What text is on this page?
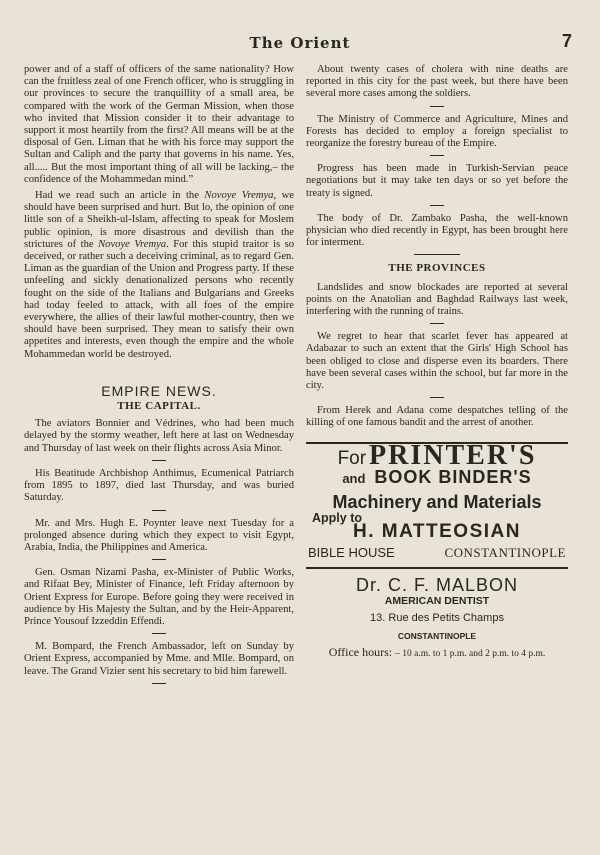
The Orient	7

power and of a staff of officers of the same nationality? How can the fruitless zeal of one French officer, who is struggling in our provinces to secure the tranquillity of a small area, be compared with the work of the German Mission, when those who invited that Mission consider it to their advantage to support it most heartily from the first? All means will be at the disposal of Gen. Liman that he with his force may support the Sultan and Caliph and the party that governs in his name. Yes, all..... But the most important thing of all will be lacking,– the confidence of the Mohammedan mind.”

Had we read such an article in the Novoye Vremya, we should have been surprised and hurt. But lo, the opinion of one little son of a Sheikh-ul-Islam, affecting to speak for Moslem public opinion, is more disastrous and devilish than the strictures of the Novoye Vremya. For this stupid traitor is so deceived, or rather such a deceiving criminal, as to regard Gen. Liman as the guardian of the Union and Progress party. If these unfeeling and sickly denationalized persons who recently fought on the side of the Italians and Bulgarians and Greeks had today feeled to attack, with all foes of the empire everywhere, the allies of their lawful mother-country, then we should have been surprised. They mean to satisfy their own appetites and interests, even though the empire and the whole Mohammedan world be destroyed.

EMPIRE NEWS.
THE CAPITAL.

The aviators Bonnier and Védrines, who had been much delayed by the stormy weather, left here at last on Wednesday and Thursday of last week on their flights across Asia Minor.

His Beatitude Archbishop Anthimus, Ecumenical Patriarch from 1895 to 1897, died last Thursday, and was buried Saturday.

Mr. and Mrs. Hugh E. Poynter leave next Tuesday for a prolonged absence during which they expect to visit Egypt, Arabia, India, the Philippines and America.

Gen. Osman Nizami Pasha, ex-Minister of Public Works, and Rifaat Bey, Minister of Finance, left Friday afternoon by Orient Express for Europe. Before going they were received in audience by His Majesty the Sultan, and by the Heir-Apparent, Prince Yousouf Izzeddin Effendi.

M. Bompard, the French Ambassador, left on Sunday by Orient Express, accompanied by Mme. and Mlle. Bompard, on leave. The Grand Vizier sent his secretary to bid him farewell.

About twenty cases of cholera with nine deaths are reported in this city for the past week, but there have been several more cases among the soldiers.

The Ministry of Commerce and Agriculture, Mines and Forests has decided to employ a foreign specialist to reorganize the forestry bureau of the Empire.

Progress has been made in Turkish-Servian peace negotiations but it may take ten days or so yet before the treaty is signed.

The body of Dr. Zambako Pasha, the well-known physician who died recently in Egypt, has been brought here for interment.

THE PROVINCES

Landslides and snow blockades are reported at several points on the Anatolian and Baghdad Railways last week, interfering with the running of trains.

We regret to hear that scarlet fever has appeared at Adabazar to such an extent that the Girls' High School has been obliged to close and disperse even its boarders. There have been several cases within the school, but far more in the city.

From Herek and Adana come despatches telling of the killing of one famous bandit and the arrest of another.

For PRINTER'S
and BOOK BINDER'S
Machinery and Materials
Apply to
H. MATTEOSIAN
BIBLE HOUSE	CONSTANTINOPLE
Dr. C. F. MALBON
AMERICAN DENTIST
13. Rue des Petits Champs
CONSTANTINOPLE
Office hours: – 10 a.m. to 1 p.m. and 2 p.m. to 4 p.m.
